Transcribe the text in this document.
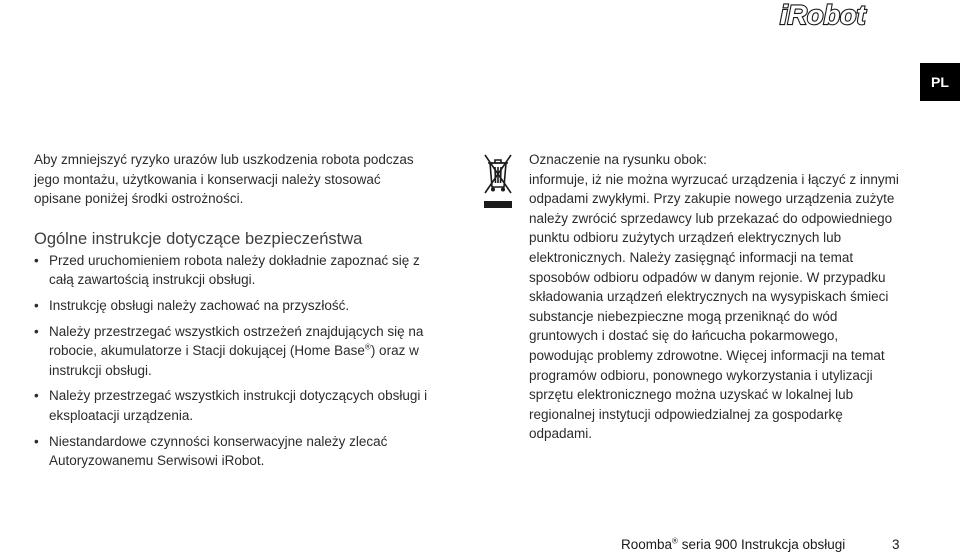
iRobot
PL

Aby zmniejszyć ryzyko urazów lub uszkodzenia robota podczas jego montażu, użytkowania i konserwacji należy stosować opisane poniżej środki ostrożności.

Ogólne instrukcje dotyczące bezpieczeństwa
• Przed uruchomieniem robota należy dokładnie zapoznać się z całą zawartością instrukcji obsługi.
• Instrukcję obsługi należy zachować na przyszłość.
• Należy przestrzegać wszystkich ostrzeżeń znajdujących się na robocie, akumulatorze i Stacji dokującej (Home Base®) oraz w instrukcji obsługi.
• Należy przestrzegać wszystkich instrukcji dotyczących obsługi i eksploatacji urządzenia.
• Niestandardowe czynności konserwacyjne należy zlecać Autoryzowanemu Serwisowi iRobot.
Oznaczenie na rysunku obok:

informuje, iż nie można wyrzucać urządzenia i łączyć z innymi odpadami zwykłymi. Przy zakupie nowego urządzenia zużyte należy zwrócić sprzedawcy lub przekazać do odpowiedniego punktu odbioru zużytych urządzeń elektrycznych lub elektronicznych. Należy zasięgnąć informacji na temat sposobów odbioru odpadów w danym rejonie. W przypadku składowania urządzeń elektrycznych na wysypiskach śmieci substancje niebezpieczne mogą przeniknąć do wód gruntowych i dostać się do łańcucha pokarmowego, powodując problemy zdrowotne. Więcej informacji na temat programów odbioru, ponownego wykorzystania i utylizacji sprzętu elektronicznego można uzyskać w lokalnej lub regionalnej instytucji odpowiedzialnej za gospodarkę odpadami.

Roomba® seria 900 Instrukcja obsługi	3
